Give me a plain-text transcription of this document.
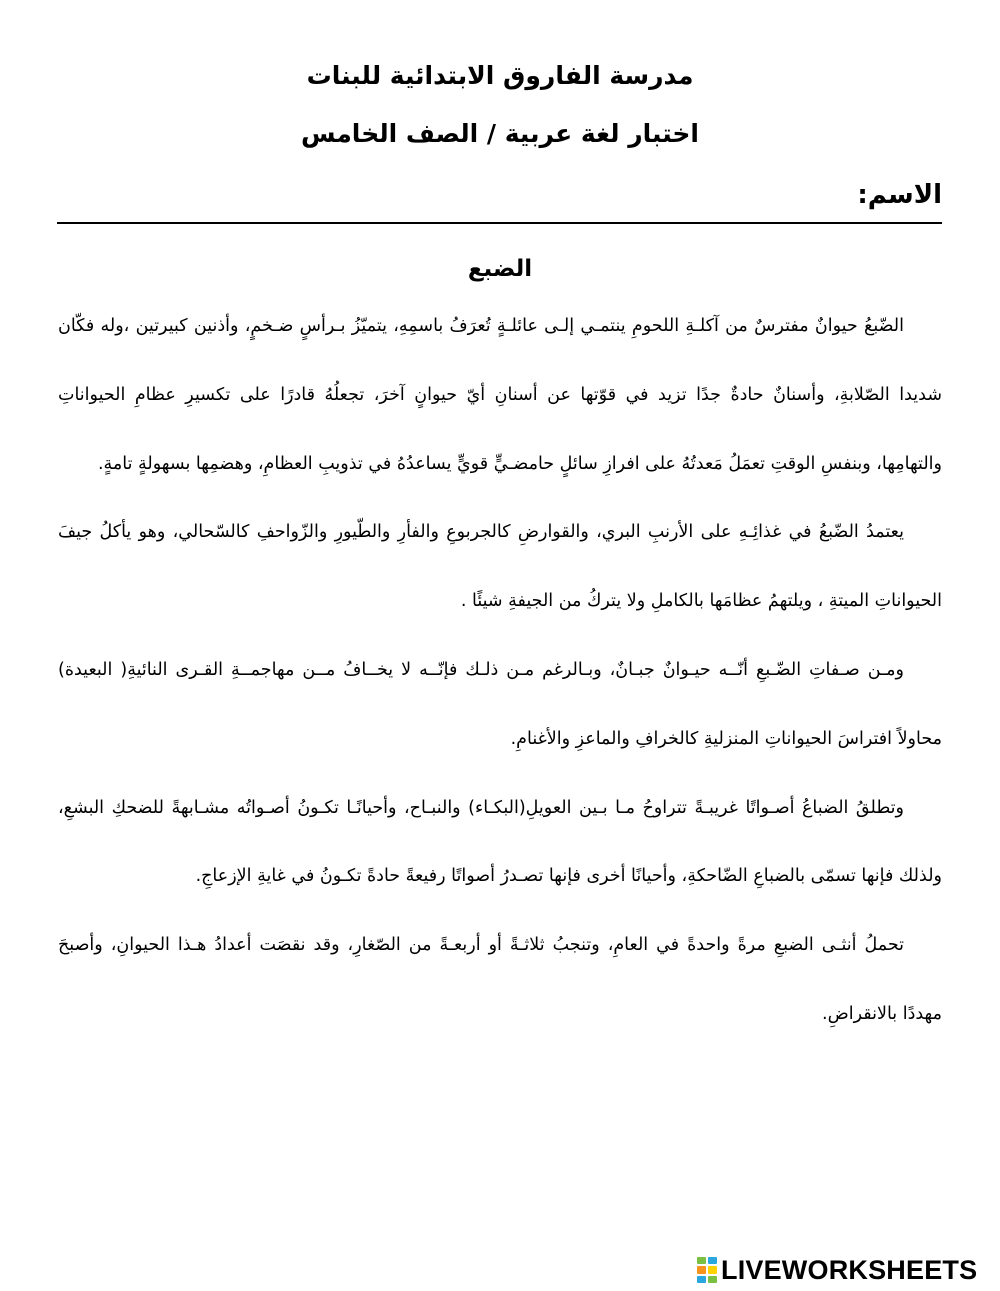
مدرسة الفاروق الابتدائية للبنات
اختبار لغة عربية / الصف الخامس
الاسم:
الضبع

الضّبعُ حيوانٌ مفترسٌ من آكلـةِ اللحومِ ينتمـي إلـى عائلـةٍ تُعرَفُ باسمِهِ، يتميّزُ بـرأسٍ ضـخمٍ، وأذنين كبيرتين ،وله فكّان شديدا الصّلابةِ، وأسنانٌ حادةٌ جدًا تزيد في قوّتها عن أسنانِ أيّ حيوانٍ آخرَ، تجعلُهُ قادرًا على تكسيرِ عظامِ الحيواناتِ والتهامِها، وبنفسِ الوقتِ تعمَلُ مَعدتُهُ على افرازِ سائلٍ حامضـيٍّ قويٍّ يساعدُهُ في تذويبِ العظامِ، وهضمِها بسهولةٍ تامةٍ.

يعتمدُ الضّبعُ في غذائِـهِ على الأرنبِ البري، والقوارضِ كالجربوعِ والفأرِ والطّيورِ والزّواحفِ كالسّحالي، وهو يأكلُ جيفَ الحيواناتِ الميتةِ ، ويلتهمُ عظامَها بالكاملِ ولا يتركُ من الجيفةِ شيئًا .

ومـن صـفاتِ الضّـبعِ أنّــه حيـوانٌ جبـانٌ، وبـالرغم مـن ذلـك فإنّــه لا يخــافُ مــن مهاجمــةِ القـرى النائيةِ( البعيدة) محاولاً افتراسَ الحيواناتِ المنزليةِ كالخرافِ والماعزِ والأغنامِ.

وتطلقُ الضباعُ أصـواتًا غريبـةً تتراوحُ مـا بـين العويلِ(البكـاء) والنبـاح، وأحيانًـا تكـونُ أصـواتُه مشـابهةً للضحكِ البشعِ، ولذلك فإنها تسمّى بالضباعِ الضّاحكةِ، وأحيانًا أخرى فإنها تصـدرُ أصواتًا رفيعةً حادةً تكـونُ في غايةِ الإزعاجِ.

تحملُ أنثـى الضبعِ مرةً واحدةً في العامِ، وتنجبُ ثلاثـةً أو أربعـةً من الصّغارِ، وقد نقصَت أعدادُ هـذا الحيوانِ، وأصبحَ مهددًا بالانقراضِ.

LIVEWORKSHEETS
